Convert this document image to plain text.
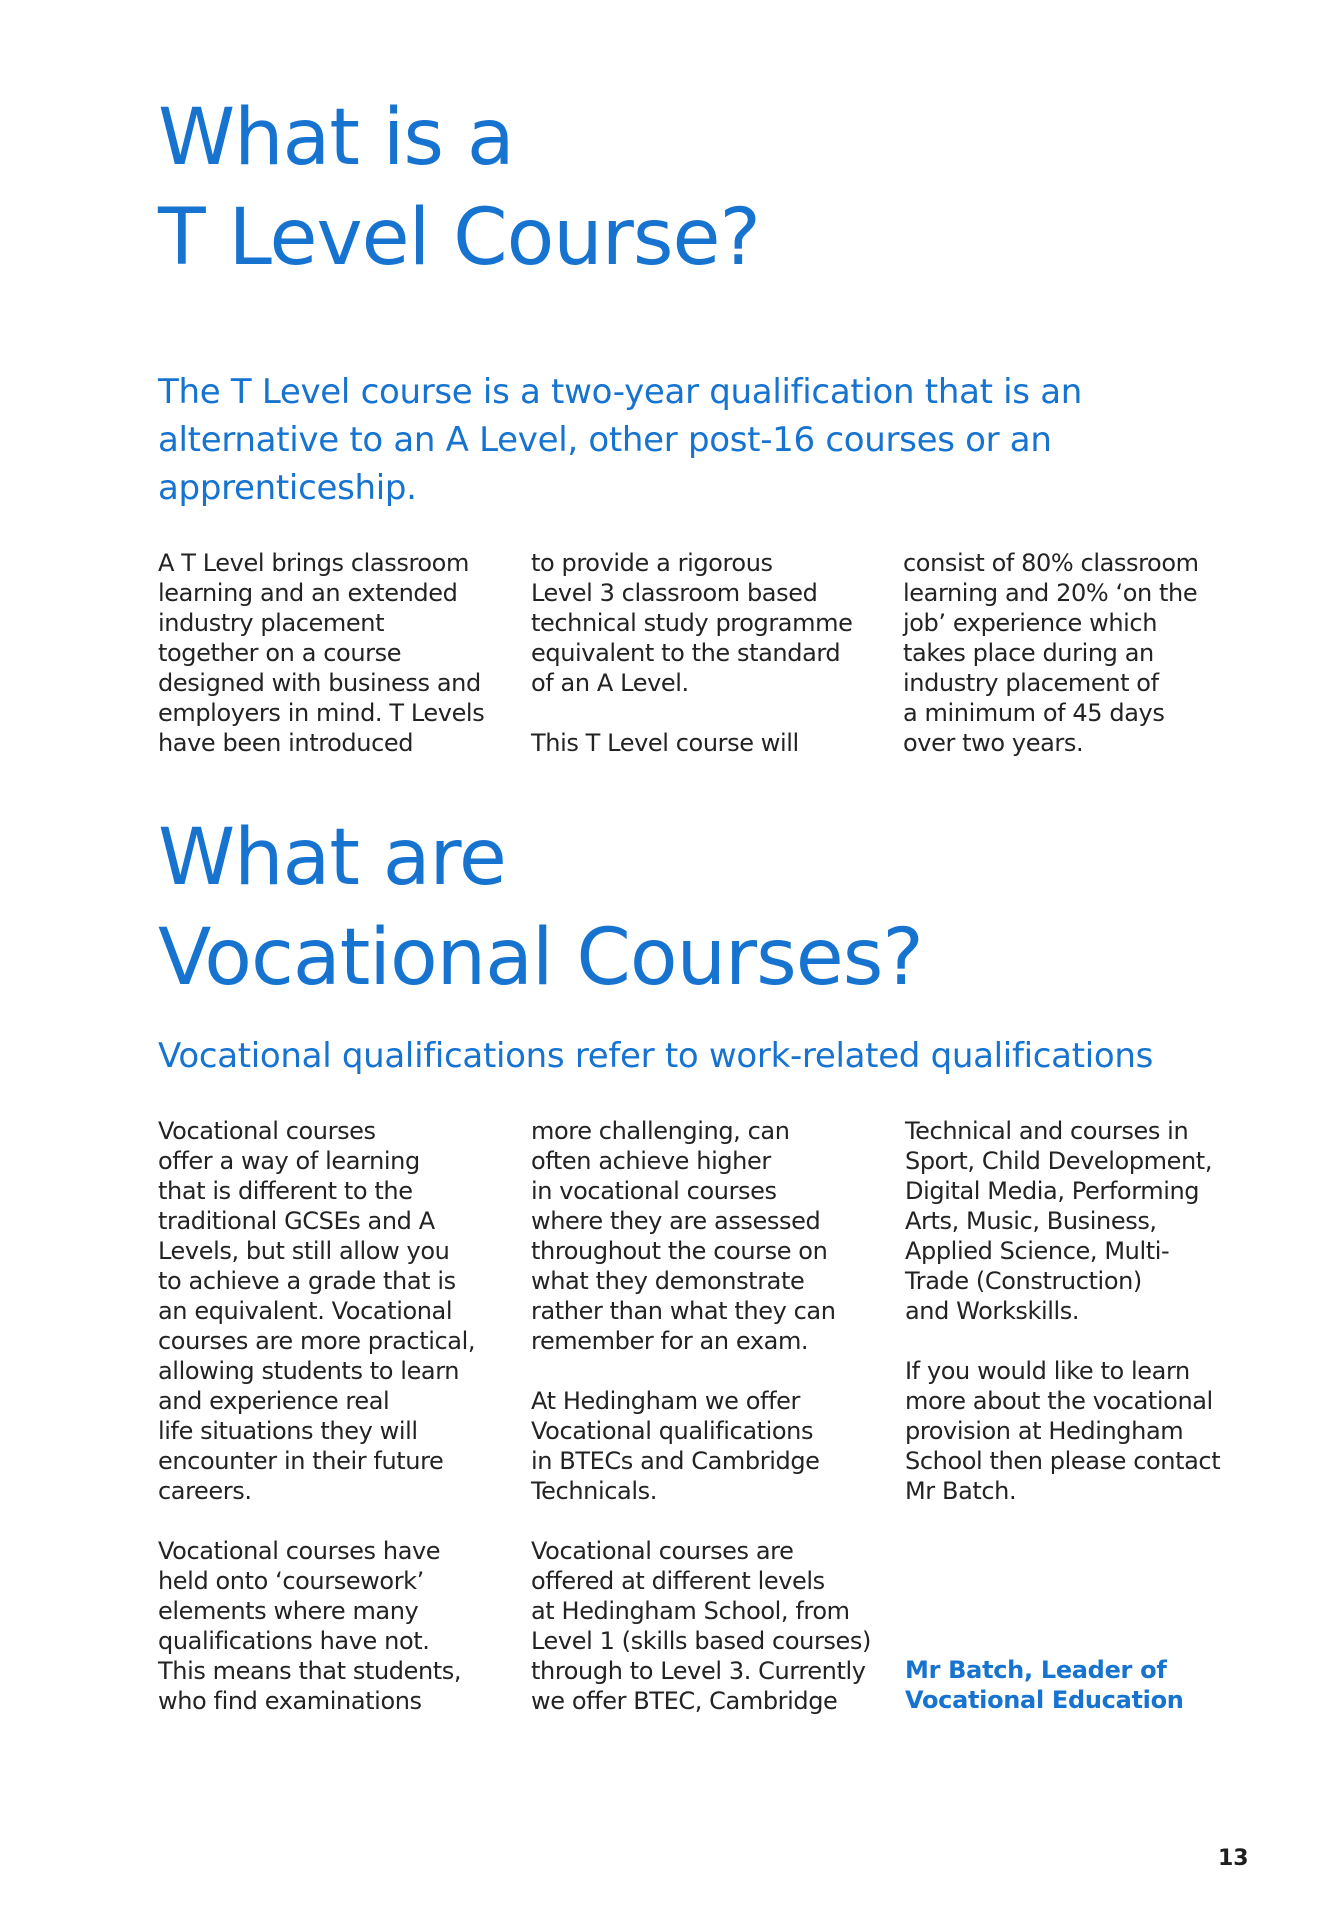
What is a
T Level Course?

The T Level course is a two-year qualification that is an alternative to an A Level, other post-16 courses or an apprenticeship.

A T Level brings classroom
learning and an extended
industry placement
together on a course
designed with business and
employers in mind. T Levels
have been introduced

to provide a rigorous
Level 3 classroom based
technical study programme
equivalent to the standard
of an A Level.

This T Level course will

consist of 80% classroom
learning and 20% ‘on the
job’ experience which
takes place during an
industry placement of
a minimum of 45 days
over two years.

What are
Vocational Courses?

Vocational qualifications refer to work-related qualifications

Vocational courses
offer a way of learning
that is different to the
traditional GCSEs and A
Levels, but still allow you
to achieve a grade that is
an equivalent. Vocational
courses are more practical,
allowing students to learn
and experience real
life situations they will
encounter in their future
careers.

Vocational courses have
held onto ‘coursework’
elements where many
qualifications have not.
This means that students,
who find examinations

more challenging, can
often achieve higher
in vocational courses
where they are assessed
throughout the course on
what they demonstrate
rather than what they can
remember for an exam.

At Hedingham we offer
Vocational qualifications
in BTECs and Cambridge
Technicals.

Vocational courses are
offered at different levels
at Hedingham School, from
Level 1 (skills based courses)
through to Level 3. Currently
we offer BTEC, Cambridge

Technical and courses in
Sport, Child Development,
Digital Media, Performing
Arts, Music, Business,
Applied Science, Multi-
Trade (Construction)
and Workskills.

If you would like to learn
more about the vocational
provision at Hedingham
School then please contact
Mr Batch.

Mr Batch, Leader of
Vocational Education
13
